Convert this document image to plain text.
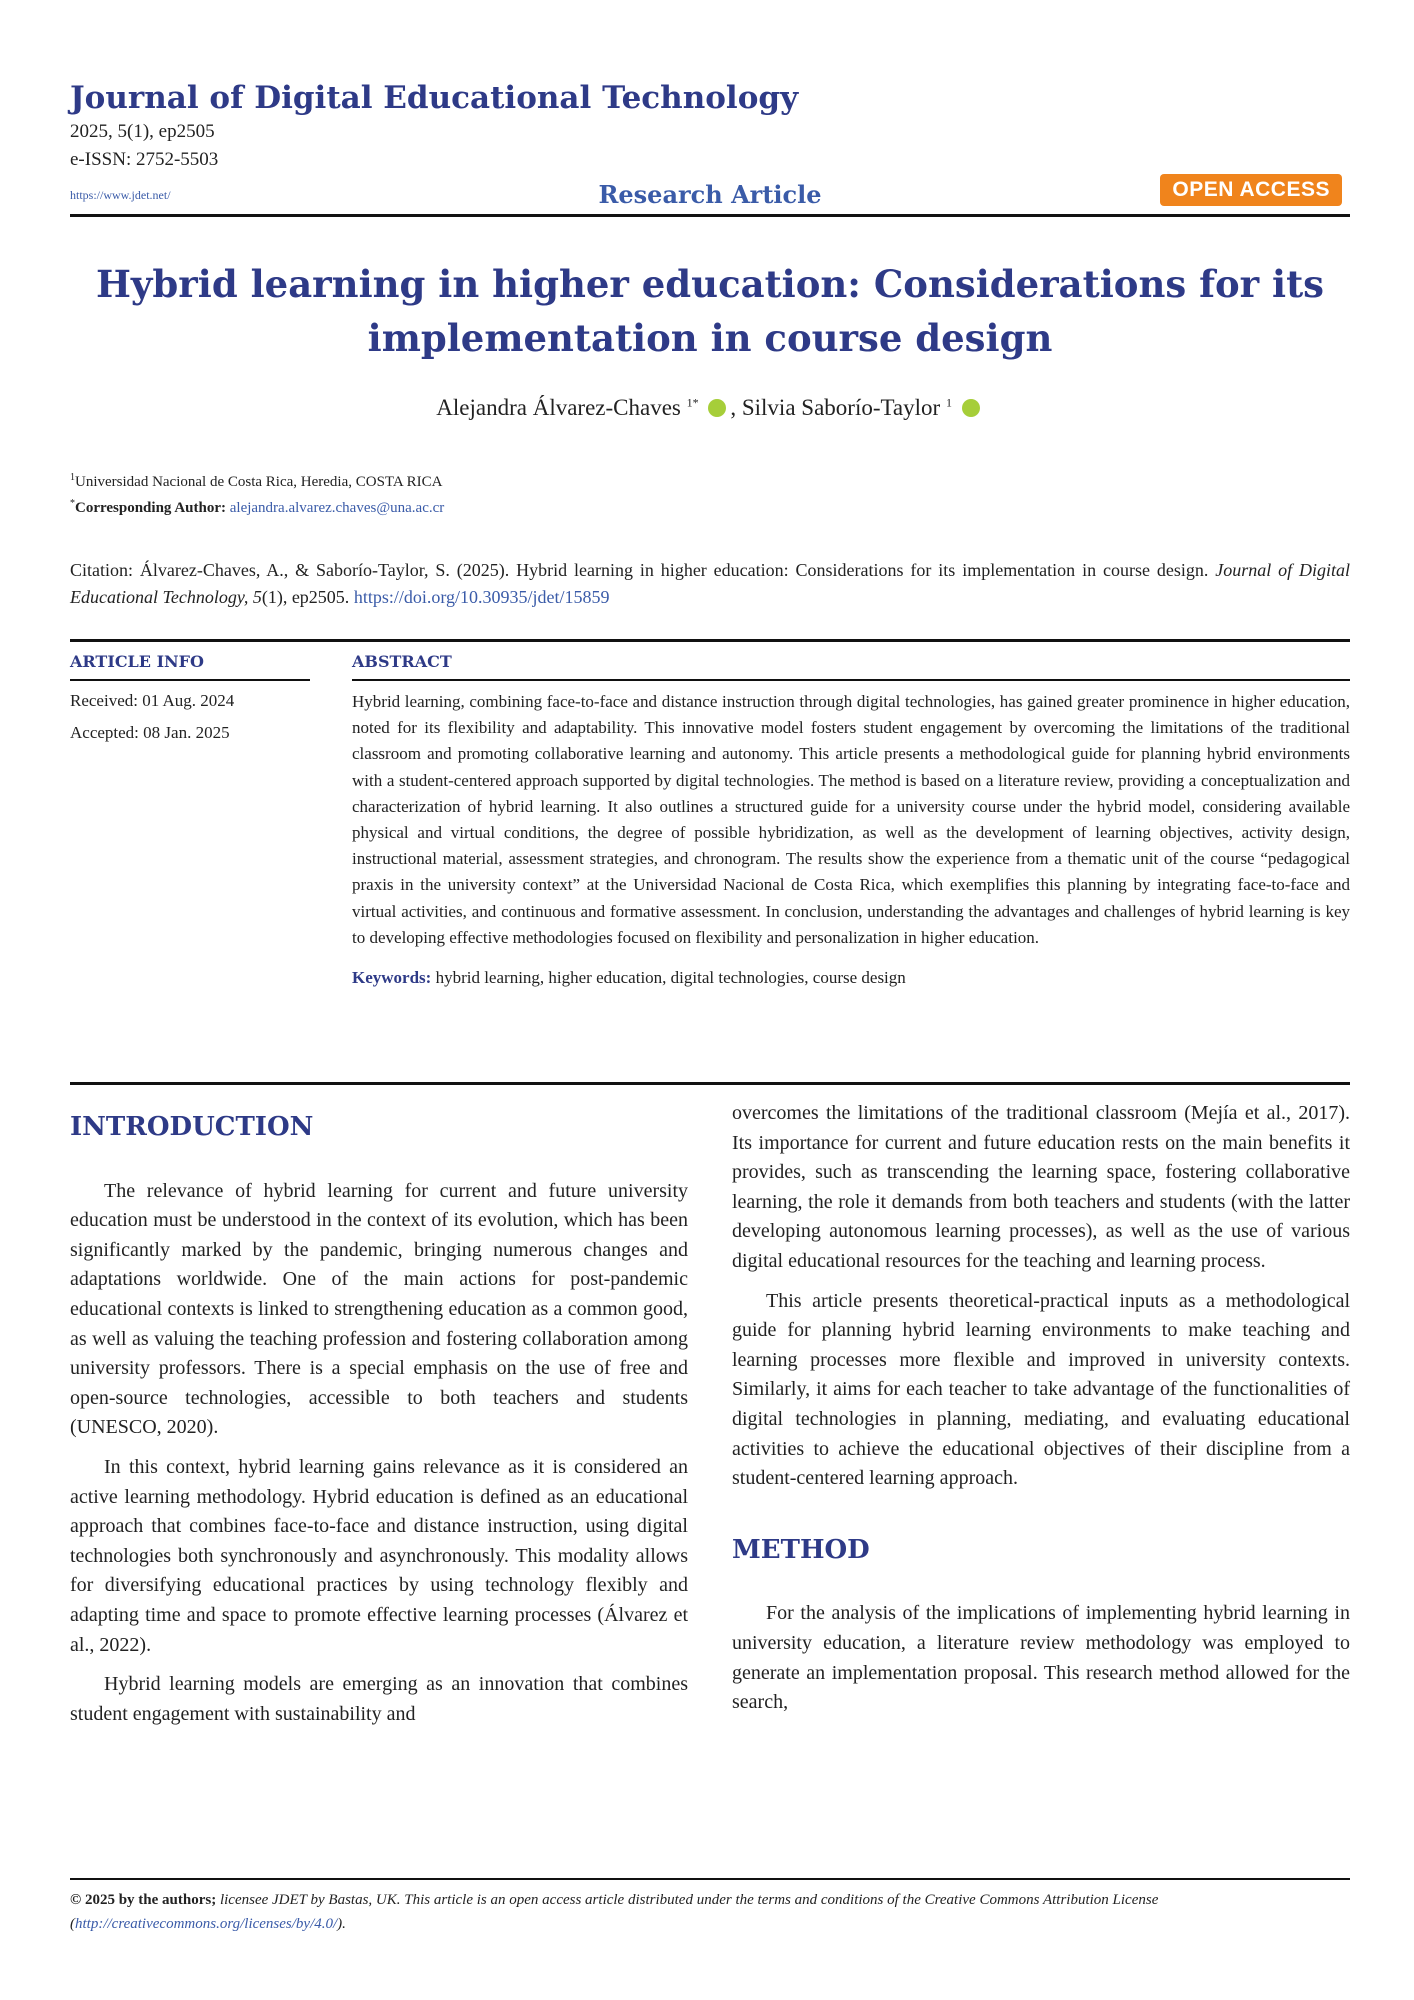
Journal of Digital Educational Technology
2025, 5(1), ep2505
e-ISSN: 2752-5503
https://www.jdet.net/	Research Article	OPEN ACCESS
Hybrid learning in higher education: Considerations for its
implementation in course design
Alejandra Álvarez-Chaves $^{1*}$ , Silvia Saborío-Taylor $^1$
$^1$Universidad Nacional de Costa Rica, Heredia, COSTA RICA
*Corresponding Author: alejandra.alvarez.chaves@una.ac.cr
Citation: Álvarez-Chaves, A., & Saborío-Taylor, S. (2025). Hybrid learning in higher education: Considerations for its implementation in course design. Journal of Digital Educational Technology, 5(1), ep2505. https://doi.org/10.30935/jdet/15859
ARTICLE INFO
Received: 01 Aug. 2024
Accepted: 08 Jan. 2025
ABSTRACT
Hybrid learning, combining face-to-face and distance instruction through digital technologies, has gained greater prominence in higher education, noted for its flexibility and adaptability. This innovative model fosters student engagement by overcoming the limitations of the traditional classroom and promoting collaborative learning and autonomy. This article presents a methodological guide for planning hybrid environments with a student-centered approach supported by digital technologies. The method is based on a literature review, providing a conceptualization and characterization of hybrid learning. It also outlines a structured guide for a university course under the hybrid model, considering available physical and virtual conditions, the degree of possible hybridization, as well as the development of learning objectives, activity design, instructional material, assessment strategies, and chronogram. The results show the experience from a thematic unit of the course “pedagogical praxis in the university context” at the Universidad Nacional de Costa Rica, which exemplifies this planning by integrating face-to-face and virtual activities, and continuous and formative assessment. In conclusion, understanding the advantages and challenges of hybrid learning is key to developing effective methodologies focused on flexibility and personalization in higher education.
Keywords: hybrid learning, higher education, digital technologies, course design
INTRODUCTION

The relevance of hybrid learning for current and future university education must be understood in the context of its evolution, which has been significantly marked by the pandemic, bringing numerous changes and adaptations worldwide. One of the main actions for post-pandemic educational contexts is linked to strengthening education as a common good, as well as valuing the teaching profession and fostering collaboration among university professors. There is a special emphasis on the use of free and open-source technologies, accessible to both teachers and students (UNESCO, 2020).

In this context, hybrid learning gains relevance as it is considered an active learning methodology. Hybrid education is defined as an educational approach that combines face-to-face and distance instruction, using digital technologies both synchronously and asynchronously. This modality allows for diversifying educational practices by using technology flexibly and adapting time and space to promote effective learning processes (Álvarez et al., 2022).

Hybrid learning models are emerging as an innovation that combines student engagement with sustainability and

overcomes the limitations of the traditional classroom (Mejía et al., 2017). Its importance for current and future education rests on the main benefits it provides, such as transcending the learning space, fostering collaborative learning, the role it demands from both teachers and students (with the latter developing autonomous learning processes), as well as the use of various digital educational resources for the teaching and learning process.

This article presents theoretical-practical inputs as a methodological guide for planning hybrid learning environments to make teaching and learning processes more flexible and improved in university contexts. Similarly, it aims for each teacher to take advantage of the functionalities of digital technologies in planning, mediating, and evaluating educational activities to achieve the educational objectives of their discipline from a student-centered learning approach.

METHOD

For the analysis of the implications of implementing hybrid learning in university education, a literature review methodology was employed to generate an implementation proposal. This research method allowed for the search,

© 2025 by the authors; licensee JDET by Bastas, UK. This article is an open access article distributed under the terms and conditions of the Creative Commons Attribution License (http://creativecommons.org/licenses/by/4.0/).
